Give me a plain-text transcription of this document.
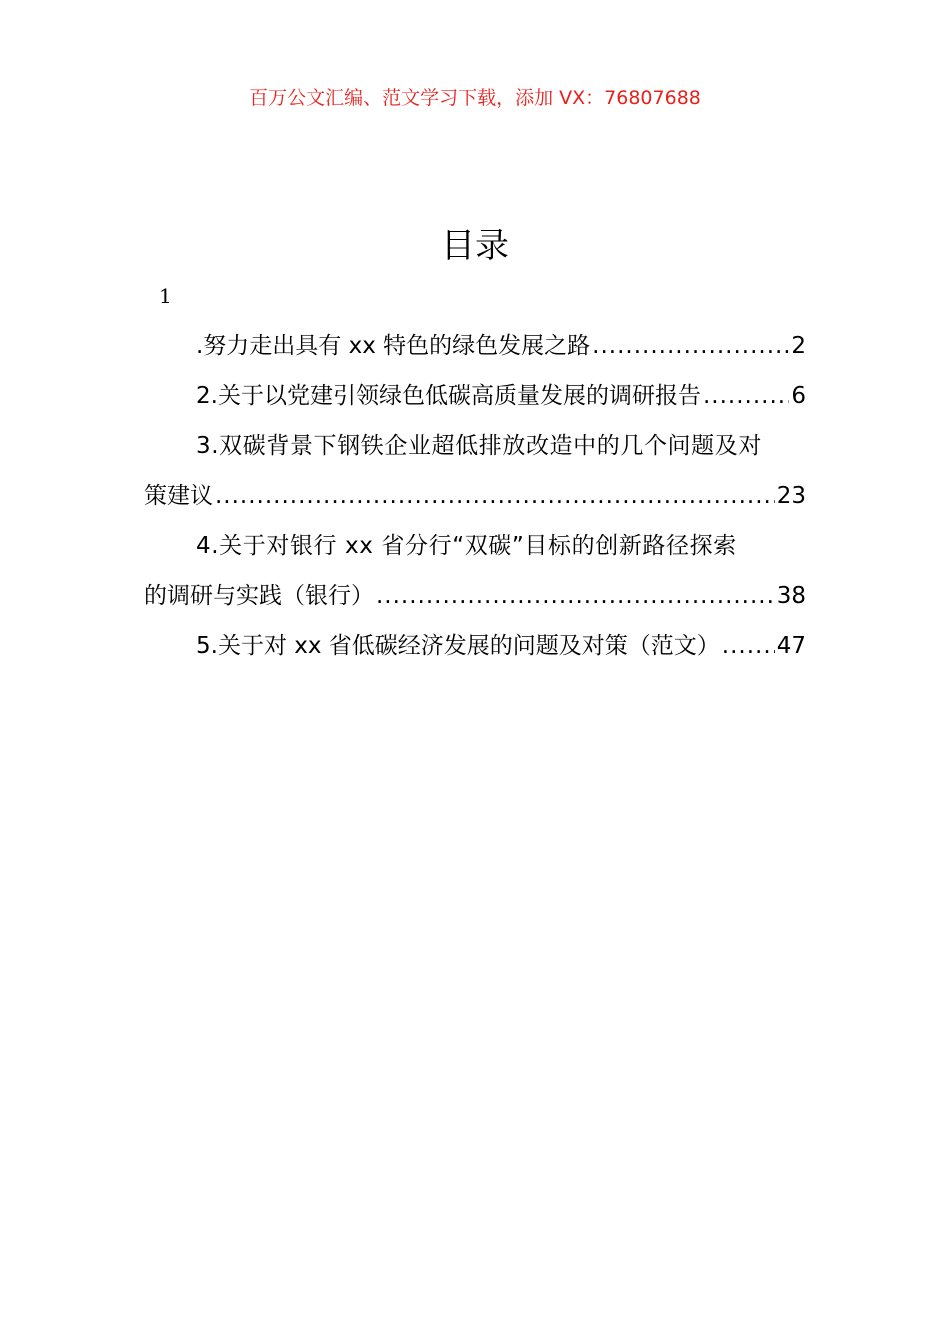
百万公文汇编、范文学习下载，添加 VX：76807688
目录
1
.努力走出具有 xx 特色的绿色发展之路 .....	2
2.关于以党建引领绿色低碳高质量发展的调研报告 .....	6
3.双碳背景下钢铁企业超低排放改造中的几个问题及对
策建议 .....	23
4.关于对银行 xx 省分行“双碳”目标的创新路径探索
的调研与实践（银行） .....	38
5.关于对 xx 省低碳经济发展的问题及对策（范文） ..... 47
